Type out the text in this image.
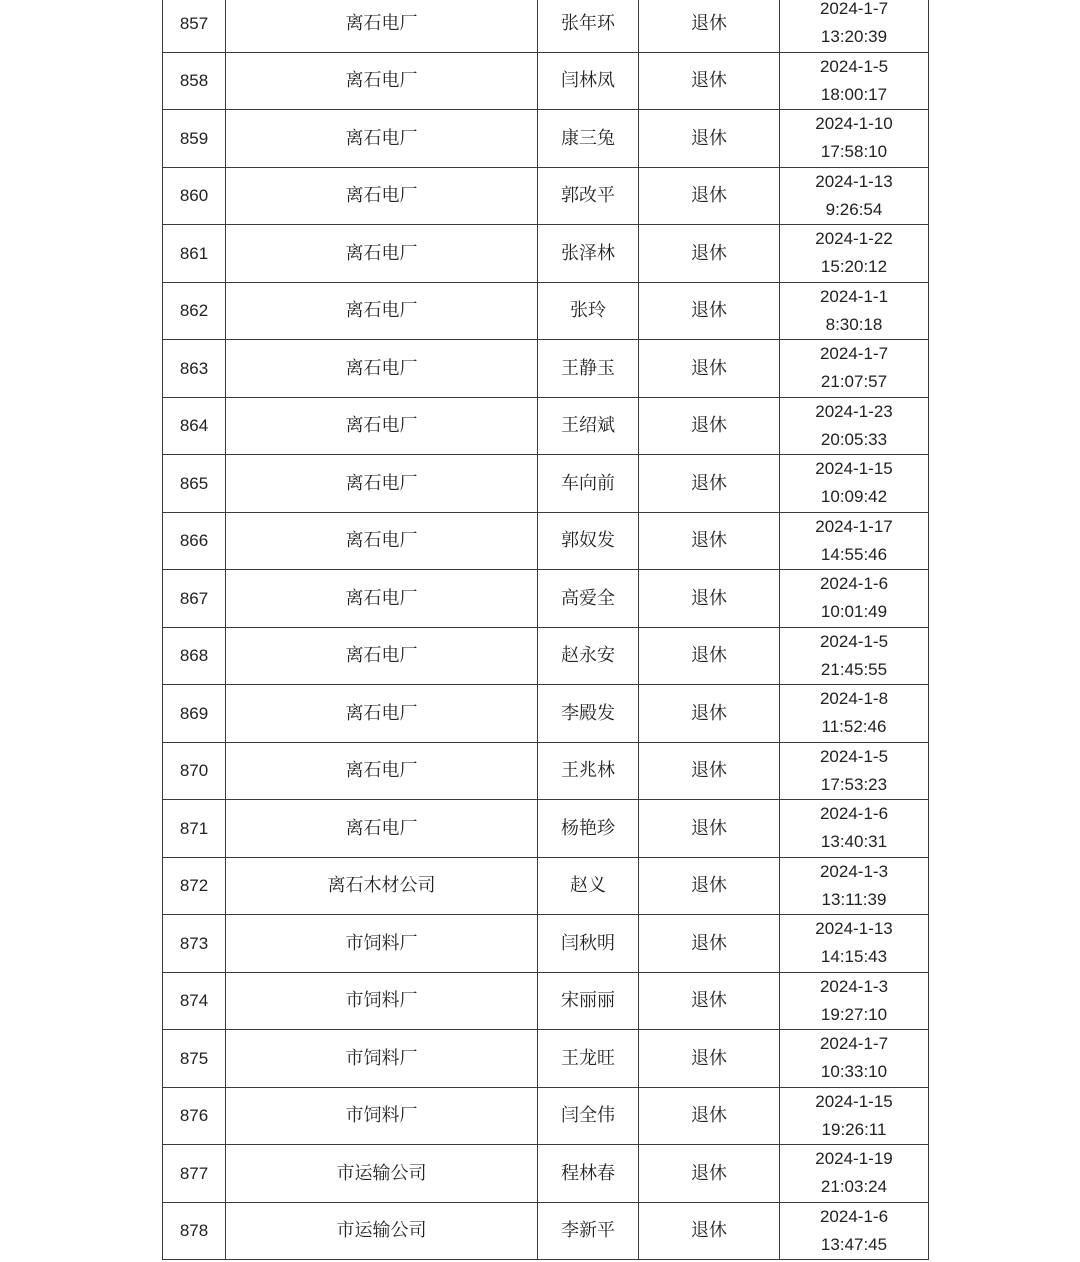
857	离石电厂	张年环	退休	2024-1-7
13:20:39

858	离石电厂	闫林凤	退休	2024-1-5
18:00:17

859	离石电厂	康三兔	退休	2024-1-10
17:58:10

860	离石电厂	郭改平	退休	2024-1-13
9:26:54

861	离石电厂	张泽林	退休	2024-1-22
15:20:12

862	离石电厂	张玲	退休	2024-1-1
8:30:18

863	离石电厂	王静玉	退休	2024-1-7
21:07:57

864	离石电厂	王绍斌	退休	2024-1-23
20:05:33

865	离石电厂	车向前	退休	2024-1-15
10:09:42

866	离石电厂	郭奴发	退休	2024-1-17
14:55:46

867	离石电厂	高爱全	退休	2024-1-6
10:01:49

868	离石电厂	赵永安	退休	2024-1-5
21:45:55

869	离石电厂	李殿发	退休	2024-1-8
11:52:46

870	离石电厂	王兆林	退休	2024-1-5
17:53:23

871	离石电厂	杨艳珍	退休	2024-1-6
13:40:31

872	离石木材公司	赵义	退休	2024-1-3
13:11:39

873	市饲料厂	闫秋明	退休	2024-1-13
14:15:43

874	市饲料厂	宋丽丽	退休	2024-1-3
19:27:10

875	市饲料厂	王龙旺	退休	2024-1-7
10:33:10

876	市饲料厂	闫全伟	退休	2024-1-15
19:26:11

877	市运输公司	程林春	退休	2024-1-19
21:03:24

878	市运输公司	李新平	退休	2024-1-6
13:47:45
